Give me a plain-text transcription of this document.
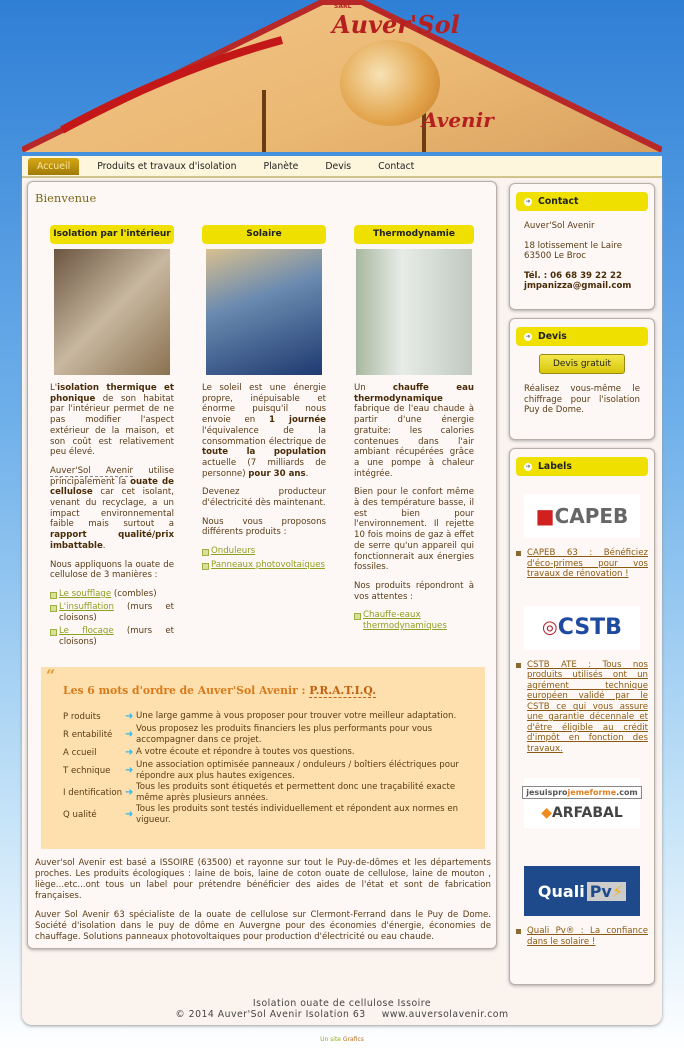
SARL
Auver'Sol
Avenir
Accueil	Produits et travaux d'isolation	Planète	Devis	Contact
Bienvenue
Isolation par l'intérieur

L'isolation thermique et phonique de son habitat par l'intérieur permet de ne pas modifier l'aspect extérieur de la maison, et son coût est relativement peu élevé.

Auver'Sol Avenir utilise principalement la ouate de cellulose car cet isolant, venant du recyclage, a un impact environnemental faible mais surtout a rapport qualité/prix imbattable.

Nous appliquons la ouate de cellulose de 3 manières :

Le soufflage (combles)
L'insufflation (murs et cloisons)
Le flocage (murs et cloisons)
Solaire

Le soleil est une énergie propre, inépuisable et énorme puisqu'il nous envoie en 1 journée l'équivalence de la consommation électrique de toute la population actuelle (7 milliards de personne) pour 30 ans.

Devenez producteur d'électricité dès maintenant.

Nous vous proposons différents produits :

Onduleurs
Panneaux photovoltaiques
Thermodynamie

Un chauffe eau thermodynamique fabrique de l'eau chaude à partir d'une énergie gratuite: les calories contenues dans l'air ambiant récupérées grâce a une pompe à chaleur intégrée.

Bien pour le confort même à des température basse, il est bien pour l'environnement. Il rejette 10 fois moins de gaz à effet de serre qu'un appareil qui fonctionnerait aux énergies fossiles.

Nos produits répondront à vos attentes :

Chauffe-eaux thermodynamiques
“
Les 6 mots d'ordre de Auver'Sol Avenir : P.R.A.T.I.Q.
P roduits	➜ Une large gamme à vous proposer pour trouver votre meilleur adaptation.
R entabilité	➜ Vous proposez les produits financiers les plus performants pour vous accompagner dans ce projet.
A ccueil	➜ A votre écoute et répondre à toutes vos questions.
T echnique	➜ Une association optimisée panneaux / onduleurs / boîtiers éléctriques pour répondre aux plus hautes exigences.
I dentification ➜ Tous les produits sont étiquetés et permettent donc une traçabilité exacte même après plusieurs années.
Q ualité	➜ Tous les produits sont testés individuellement et répondent aux normes en vigueur.

Auver'sol Avenir est basé a ISSOIRE (63500) et rayonne sur tout le Puy-de-dômes et les départements proches. Les produits écologiques : laine de bois, laine de coton ouate de cellulose, laine de mouton , liège...etc...ont tous un label pour prétendre bénéficier des aides de l'état et sont de fabrication françaises.

Auver Sol Avenir 63 spécialiste de la ouate de cellulose sur Clermont-Ferrand dans le Puy de Dome. Société d'isolation dans le puy de dôme en Auvergne pour des économies d'énergie, économies de chauffage. Solutions panneaux photovoltaiques pour production d'électricité ou eau chaude.

➜ Contact

Auver'Sol Avenir

18 lotissement le Laire
63500 Le Broc

Tél. : 06 68 39 22 22
jmpanizza@gmail.com

➜ Devis
Devis gratuit
Réalisez vous-même le chiffrage pour l'isolation Puy de Dome.
➜ Labels
■ CAPEB
CAPEB 63 : Bénéficiez d'éco-primes pour vos travaux de rénovation !
◎ CSTB
CSTB ATE : Tous nos produits utilisés ont un agrément technique européen validé par le CSTB ce qui vous assure une garantie décennale et d'être éligible au crédit d'impôt en fonction des travaux.
jesuisprojemeforme.com
◆ARFABAL
Quali Pv⚡
Quali Pv® : La confiance dans le solaire !
Isolation ouate de cellulose Issoire
© 2014 Auver'Sol Avenir Isolation 63 www.auversolavenir.com
Un site Grafics
